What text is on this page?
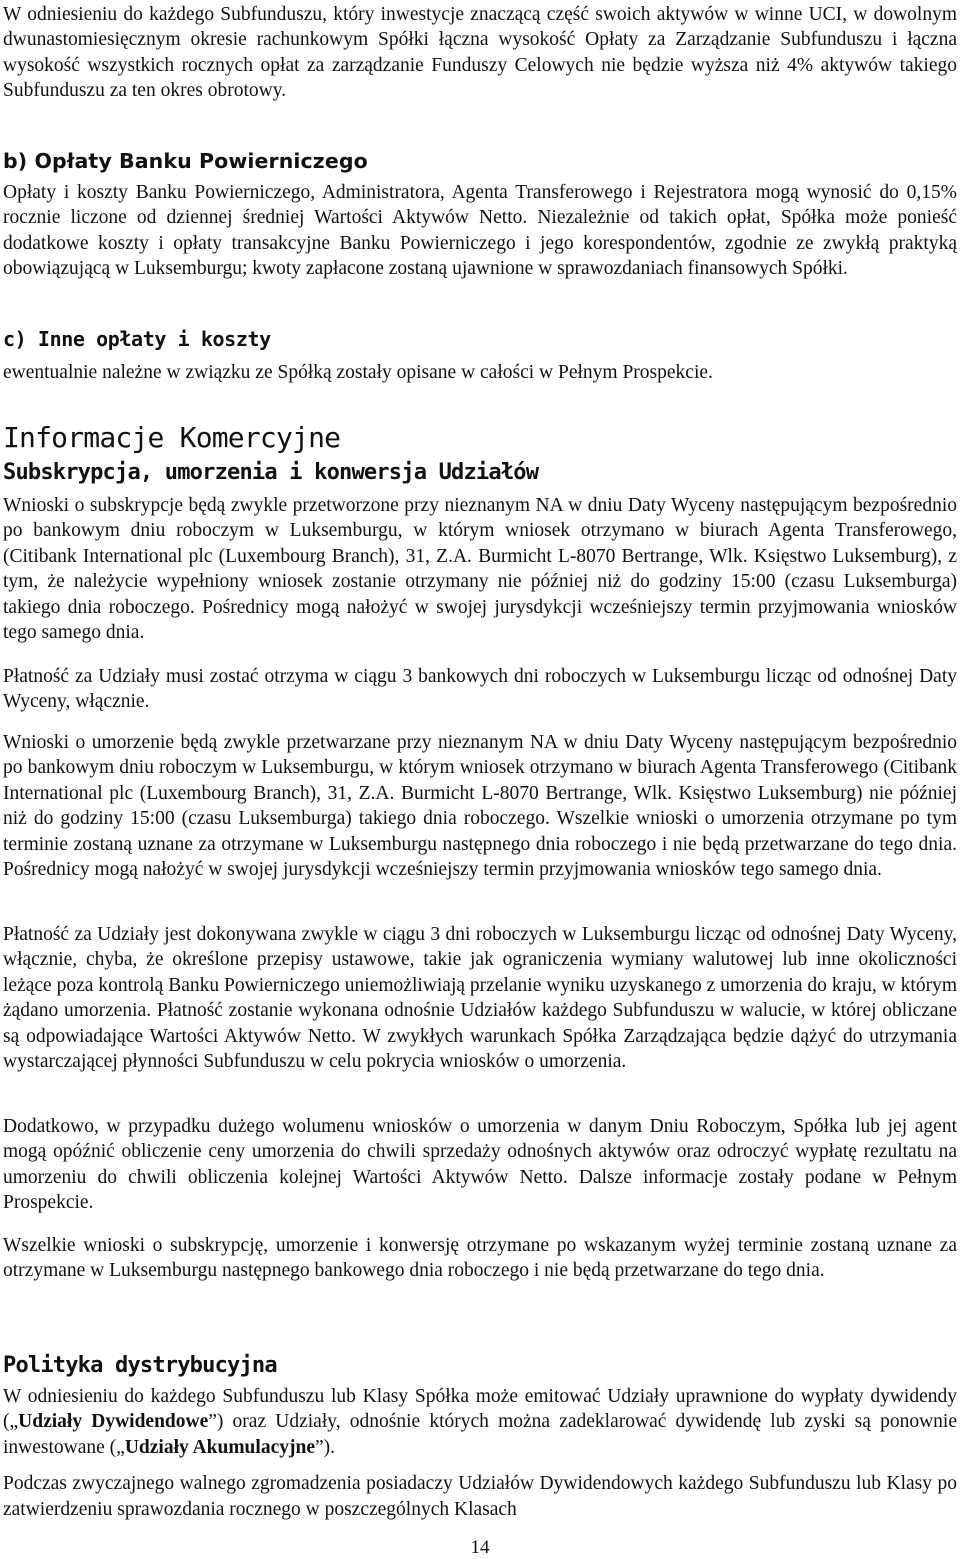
W odniesieniu do każdego Subfunduszu, który inwestycje znaczącą część swoich aktywów w winne UCI, w dowolnym dwunastomiesięcznym okresie rachunkowym Spółki łączna wysokość Opłaty za Zarządzanie Subfunduszu i łączna wysokość wszystkich rocznych opłat za zarządzanie Funduszy Celowych nie będzie wyższa niż 4% aktywów takiego Subfunduszu za ten okres obrotowy.

b) Opłaty Banku Powierniczego

Opłaty i koszty Banku Powierniczego, Administratora, Agenta Transferowego i Rejestratora mogą wynosić do 0,15% rocznie liczone od dziennej średniej Wartości Aktywów Netto. Niezależnie od takich opłat, Spółka może ponieść dodatkowe koszty i opłaty transakcyjne Banku Powierniczego i jego korespondentów, zgodnie ze zwykłą praktyką obowiązującą w Luksemburgu; kwoty zapłacone zostaną ujawnione w sprawozdaniach finansowych Spółki.

c) Inne opłaty i koszty

ewentualnie należne w związku ze Spółką zostały opisane w całości w Pełnym Prospekcie.

Informacje Komercyjne
Subskrypcja, umorzenia i konwersja Udziałów

Wnioski o subskrypcje będą zwykle przetworzone przy nieznanym NA w dniu Daty Wyceny następującym bezpośrednio po bankowym dniu roboczym w Luksemburgu, w którym wniosek otrzymano w biurach Agenta Transferowego, (Citibank International plc (Luxembourg Branch), 31, Z.A. Burmicht L-8070 Bertrange, Wlk. Księstwo Luksemburg), z tym, że należycie wypełniony wniosek zostanie otrzymany nie później niż do godziny 15:00 (czasu Luksemburga) takiego dnia roboczego. Pośrednicy mogą nałożyć w swojej jurysdykcji wcześniejszy termin przyjmowania wniosków tego samego dnia.

Płatność za Udziały musi zostać otrzyma w ciągu 3 bankowych dni roboczych w Luksemburgu licząc od odnośnej Daty Wyceny, włącznie.

Wnioski o umorzenie będą zwykle przetwarzane przy nieznanym NA w dniu Daty Wyceny następującym bezpośrednio po bankowym dniu roboczym w Luksemburgu, w którym wniosek otrzymano w biurach Agenta Transferowego (Citibank International plc (Luxembourg Branch), 31, Z.A. Burmicht L-8070 Bertrange, Wlk. Księstwo Luksemburg) nie później niż do godziny 15:00 (czasu Luksemburga) takiego dnia roboczego. Wszelkie wnioski o umorzenia otrzymane po tym terminie zostaną uznane za otrzymane w Luksemburgu następnego dnia roboczego i nie będą przetwarzane do tego dnia. Pośrednicy mogą nałożyć w swojej jurysdykcji wcześniejszy termin przyjmowania wniosków tego samego dnia.

Płatność za Udziały jest dokonywana zwykle w ciągu 3 dni roboczych w Luksemburgu licząc od odnośnej Daty Wyceny, włącznie, chyba, że określone przepisy ustawowe, takie jak ograniczenia wymiany walutowej lub inne okoliczności leżące poza kontrolą Banku Powierniczego uniemożliwiają przelanie wyniku uzyskanego z umorzenia do kraju, w którym żądano umorzenia. Płatność zostanie wykonana odnośnie Udziałów każdego Subfunduszu w walucie, w której obliczane są odpowiadające Wartości Aktywów Netto. W zwykłych warunkach Spółka Zarządzająca będzie dążyć do utrzymania wystarczającej płynności Subfunduszu w celu pokrycia wniosków o umorzenia.

Dodatkowo, w przypadku dużego wolumenu wniosków o umorzenia w danym Dniu Roboczym, Spółka lub jej agent mogą opóźnić obliczenie ceny umorzenia do chwili sprzedaży odnośnych aktywów oraz odroczyć wypłatę rezultatu na umorzeniu do chwili obliczenia kolejnej Wartości Aktywów Netto. Dalsze informacje zostały podane w Pełnym Prospekcie.

Wszelkie wnioski o subskrypcję, umorzenie i konwersję otrzymane po wskazanym wyżej terminie zostaną uznane za otrzymane w Luksemburgu następnego bankowego dnia roboczego i nie będą przetwarzane do tego dnia.

Polityka dystrybucyjna

W odniesieniu do każdego Subfunduszu lub Klasy Spółka może emitować Udziały uprawnione do wypłaty dywidendy („Udziały Dywidendowe”) oraz Udziały, odnośnie których można zadeklarować dywidendę lub zyski są ponownie inwestowane („Udziały Akumulacyjne”).

Podczas zwyczajnego walnego zgromadzenia posiadaczy Udziałów Dywidendowych każdego Subfunduszu lub Klasy po zatwierdzeniu sprawozdania rocznego w poszczególnych Klasach

14
